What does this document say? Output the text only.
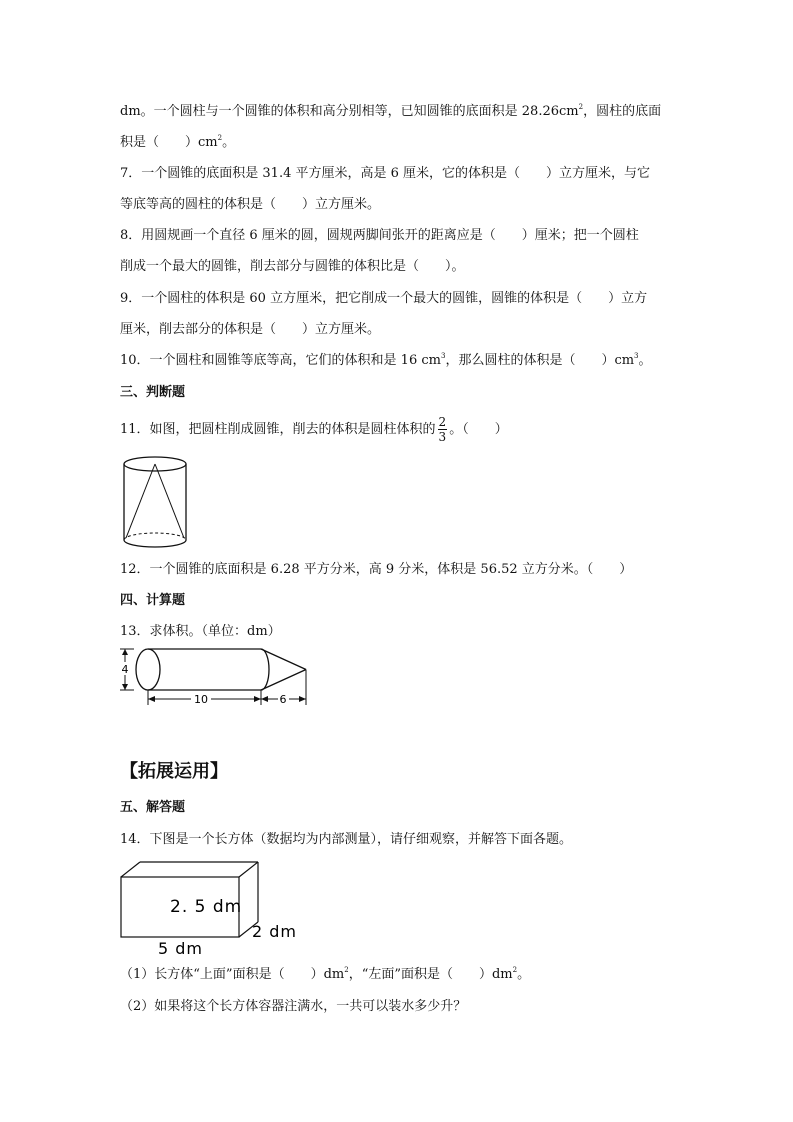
dm。一个圆柱与一个圆锥的体积和高分别相等，已知圆锥的底面积是 $28.26cm^2$，圆柱的底面
积是（　　）$cm^2$。
7．一个圆锥的底面积是 31.4 平方厘米，高是 6 厘米，它的体积是（　　）立方厘米，与它
等底等高的圆柱的体积是（　　）立方厘米。
8．用圆规画一个直径 6 厘米的圆，圆规两脚间张开的距离应是（　　）厘米；把一个圆柱
削成一个最大的圆锥，削去部分与圆锥的体积比是（　　）。
9．一个圆柱的体积是 60 立方厘米，把它削成一个最大的圆锥，圆锥的体积是（　　）立方
厘米，削去部分的体积是（　　）立方厘米。
10．一个圆柱和圆锥等底等高，它们的体积和是 16 $cm^3$，那么圆柱的体积是（　　）$cm^3$。
三、判断题
11．如图，把圆柱削成圆锥，削去的体积是圆柱体积的 $\frac{2}{3}$ 。（　　）
12．一个圆锥的底面积是 6.28 平方分米，高 9 分米，体积是 56.52 立方分米。（　　）
四、计算题
13．求体积。（单位：dm）
4
10	6
【拓展运用】
五、解答题
14．下图是一个长方体（数据均为内部测量），请仔细观察，并解答下面各题。
2. 5 dm
2 dm
5 dm
（1）长方体“上面”面积是（　　）$dm^2$，“左面”面积是（　　）$dm^2$。
（2）如果将这个长方体容器注满水，一共可以装水多少升？
